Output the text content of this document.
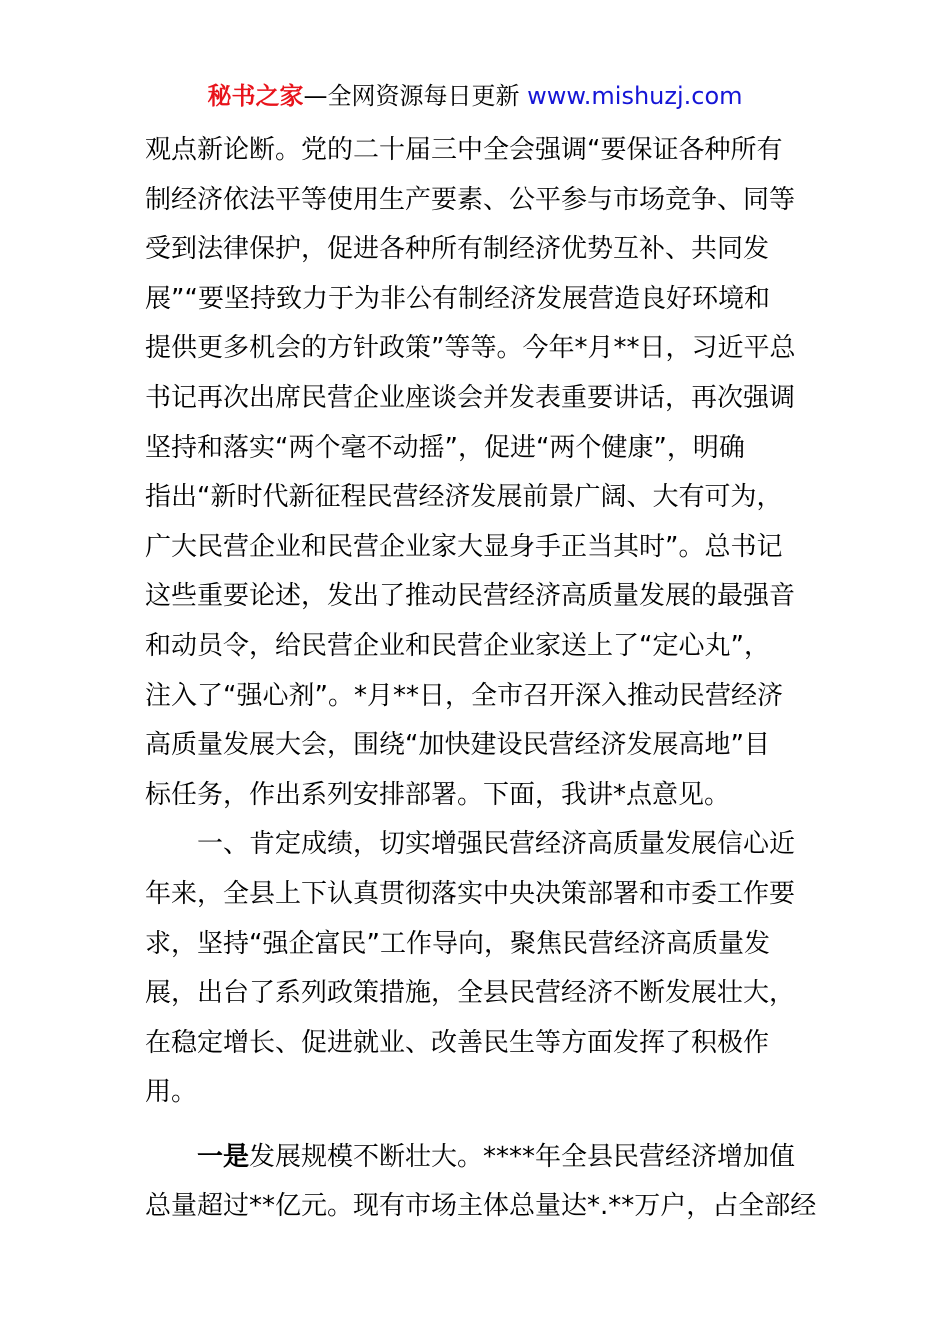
秘书之家—全网资源每日更新 www.mishuzj.com
观点新论断。党的二十届三中全会强调“要保证各种所有
制经济依法平等使用生产要素、公平参与市场竞争、同等
受到法律保护，促进各种所有制经济优势互补、共同发
展”“要坚持致力于为非公有制经济发展营造良好环境和
提供更多机会的方针政策”等等。今年*月**日，习近平总
书记再次出席民营企业座谈会并发表重要讲话，再次强调
坚持和落实“两个毫不动摇”，促进“两个健康”，明确
指出“新时代新征程民营经济发展前景广阔、大有可为，
广大民营企业和民营企业家大显身手正当其时”。总书记
这些重要论述，发出了推动民营经济高质量发展的最强音
和动员令，给民营企业和民营企业家送上了“定心丸”，
注入了“强心剂”。*月**日，全市召开深入推动民营经济
高质量发展大会，围绕“加快建设民营经济发展高地”目
标任务，作出系列安排部署。下面，我讲*点意见。
一、肯定成绩，切实增强民营经济高质量发展信心近
年来，全县上下认真贯彻落实中央决策部署和市委工作要
求，坚持“强企富民”工作导向，聚焦民营经济高质量发
展，出台了系列政策措施，全县民营经济不断发展壮大，
在稳定增长、促进就业、改善民生等方面发挥了积极作
用。
一是发展规模不断壮大。****年全县民营经济增加值
总量超过**亿元。现有市场主体总量达*.**万户，占全部经
